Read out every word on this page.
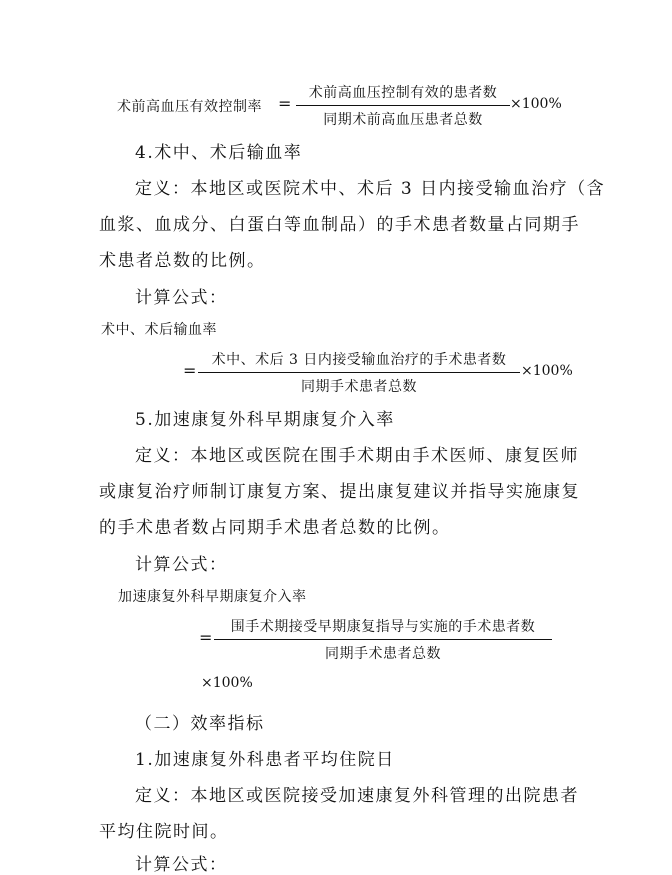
术前高血压有效控制率 =
术前高血压控制有效的患者数
同期术前高血压患者总数
×100%
4.术中、术后输血率
定义：本地区或医院术中、术后 3 日内接受输血治疗（含
血浆、血成分、白蛋白等血制品）的手术患者数量占同期手
术患者总数的比例。
计算公式：
术中、术后输血率
=
术中、术后 3 日内接受输血治疗的手术患者数
同期手术患者总数
×100%
5.加速康复外科早期康复介入率
定义：本地区或医院在围手术期由手术医师、康复医师
或康复治疗师制订康复方案、提出康复建议并指导实施康复
的手术患者数占同期手术患者总数的比例。
计算公式：
加速康复外科早期康复介入率
=
围手术期接受早期康复指导与实施的手术患者数
同期手术患者总数
×100%
（二）效率指标
1.加速康复外科患者平均住院日
定义：本地区或医院接受加速康复外科管理的出院患者
平均住院时间。
计算公式：
